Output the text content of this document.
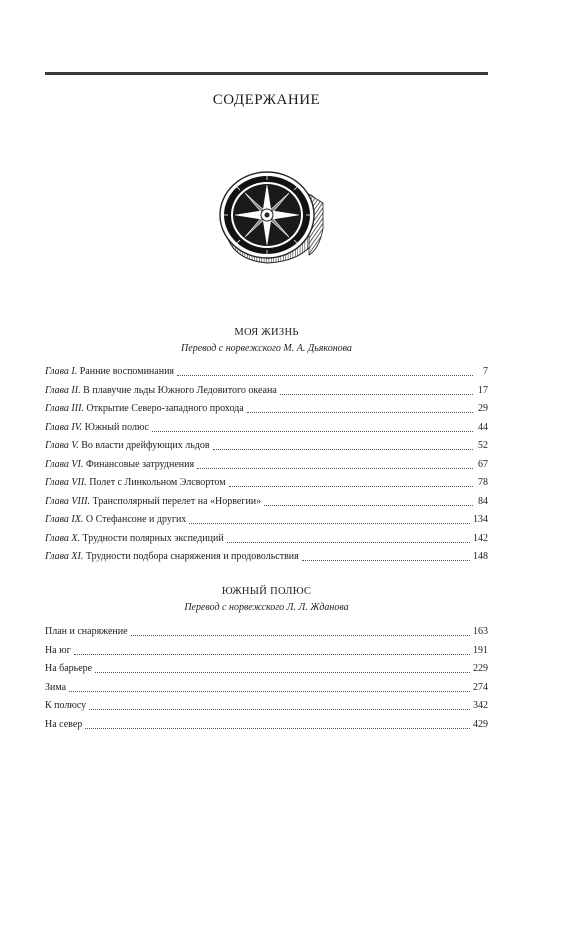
СОДЕРЖАНИЕ
МОЯ ЖИЗНЬ
Перевод с норвежского М. А. Дьяконова
Глава I. Ранние воспоминания	7
Глава II. В плавучие льды Южного Ледовитого океана	17
Глава III. Открытие Северо-западного прохода	29
Глава IV. Южный полюс	44
Глава V. Во власти дрейфующих льдов	52
Глава VI. Финансовые затруднения	67
Глава VII. Полет с Линкольном Элсвортом	78
Глава VIII. Трансполярный перелет на «Норвегии»	84
Глава IX. О Стефансоне и других	134
Глава X. Трудности полярных экспедиций	142
Глава XI. Трудности подбора снаряжения и продовольствия	148
ЮЖНЫЙ ПОЛЮС
Перевод с норвежского Л. Л. Жданова
План и снаряжение	163
На юг	191
На барьере	229
Зима	274
К полюсу	342
На север	429
